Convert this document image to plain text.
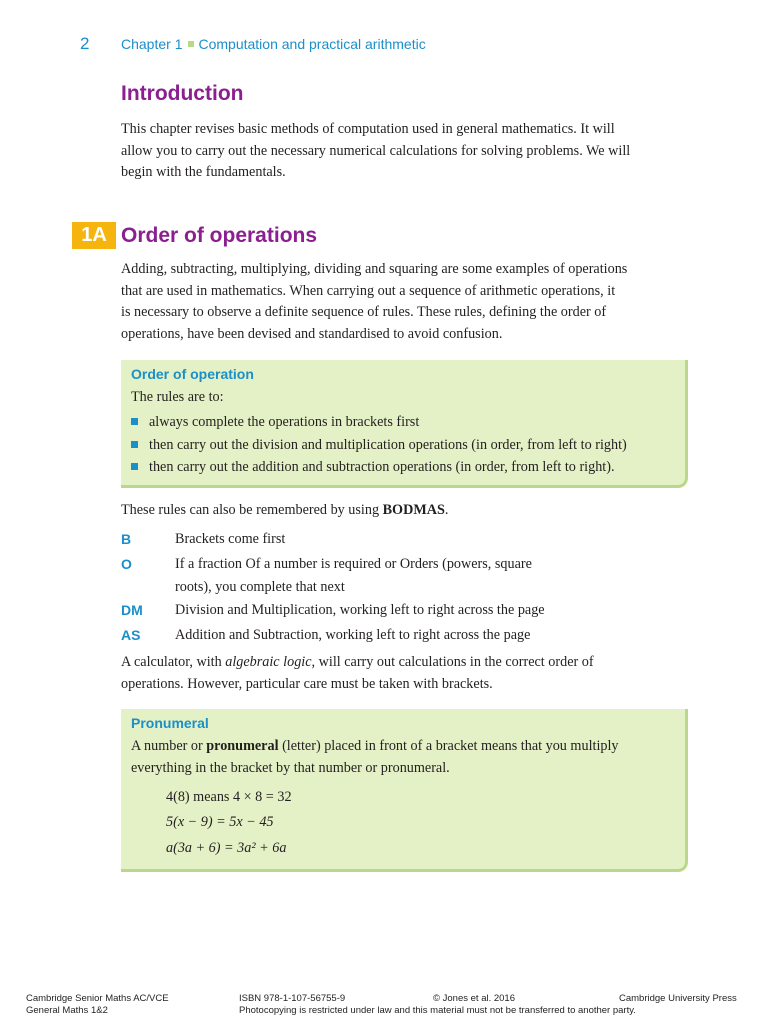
2 Chapter 1 Computation and practical arithmetic
Introduction
This chapter revises basic methods of computation used in general mathematics. It will
allow you to carry out the necessary numerical calculations for solving problems. We will
begin with the fundamentals.
1A Order of operations
Adding, subtracting, multiplying, dividing and squaring are some examples of operations
that are used in mathematics. When carrying out a sequence of arithmetic operations, it
is necessary to observe a definite sequence of rules. These rules, defining the order of
operations, have been devised and standardised to avoid confusion.
Order of operation
The rules are to:
always complete the operations in brackets first
then carry out the division and multiplication operations (in order, from left to right)
then carry out the addition and subtraction operations (in order, from left to right).
These rules can also be remembered by using BODMAS.
B	Brackets come first
O	If a fraction Of a number is required or Orders (powers, square
roots), you complete that next
DM Division and Multiplication, working left to right across the page
AS Addition and Subtraction, working left to right across the page
A calculator, with algebraic logic, will carry out calculations in the correct order of
operations. However, particular care must be taken with brackets.
Pronumeral
A number or pronumeral (letter) placed in front of a bracket means that you multiply
everything in the bracket by that number or pronumeral.
4(8) means 4 × 8 = 32
5(x − 9) = 5x − 45
a(3a + 6) = 3a² + 6a
Cambridge Senior Maths AC/VCE
General Maths 1&2
ISBN 978-1-107-56755-9	© Jones et al. 2016	Cambridge University Press
Photocopying is restricted under law and this material must not be transferred to another party.
